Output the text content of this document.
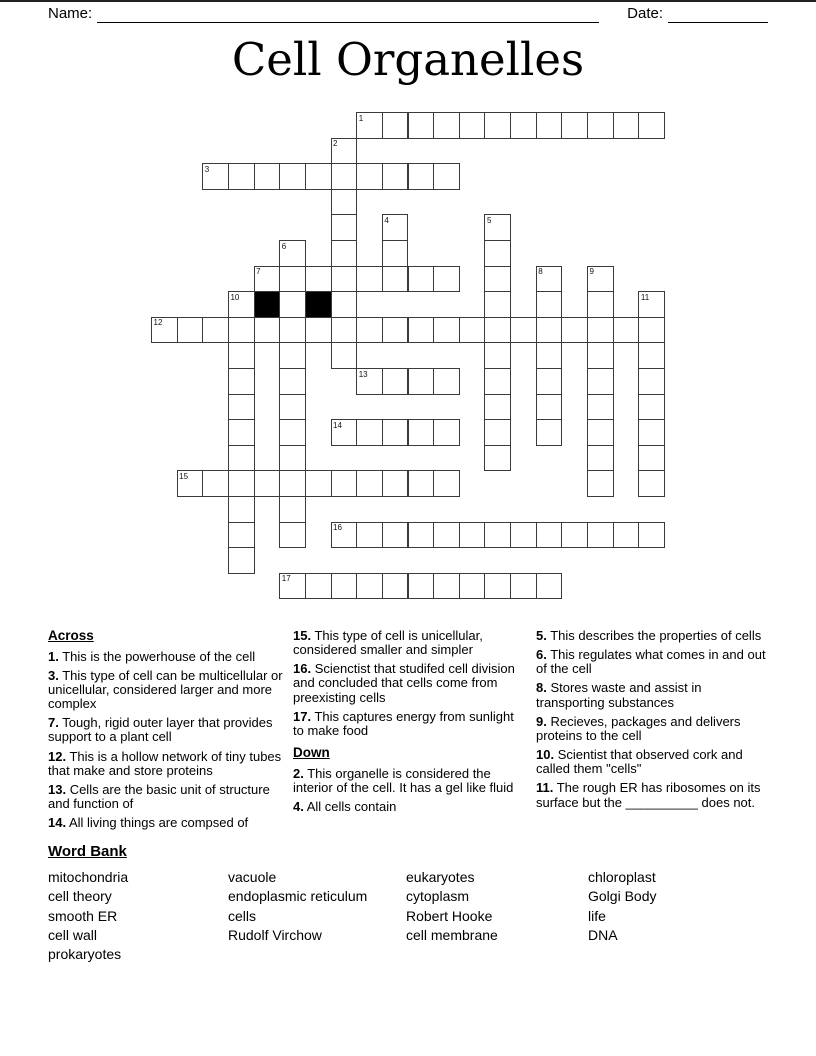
Name:	Date:
Cell Organelles
1
2
3
4	5
6
7	8	9
10	11
12
13
14
15
16
17
Across
1. This is the powerhouse of the cell
3. This type of cell can be multicellular or unicellular, considered larger and more complex
7. Tough, rigid outer layer that provides support to a plant cell
12. This is a hollow network of tiny tubes that make and store proteins
13. Cells are the basic unit of structure and function of
14. All living things are compsed of
15. This type of cell is unicellular, considered smaller and simpler
16. Scienctist that studifed cell division and concluded that cells come from preexisting cells
17. This captures energy from sunlight to make food
Down
2. This organelle is considered the interior of the cell. It has a gel like fluid
4. All cells contain
5. This describes the properties of cells
6. This regulates what comes in and out of the cell
8. Stores waste and assist in transporting substances
9. Recieves, packages and delivers proteins to the cell
10. Scientist that observed cork and called them "cells"
11. The rough ER has ribosomes on its surface but the __________ does not.
Word Bank
mitochondria
cell theory
smooth ER
cell wall
prokaryotes
vacuole
endoplasmic reticulum
cells
Rudolf Virchow
eukaryotes
cytoplasm
Robert Hooke
cell membrane
chloroplast
Golgi Body
life
DNA
